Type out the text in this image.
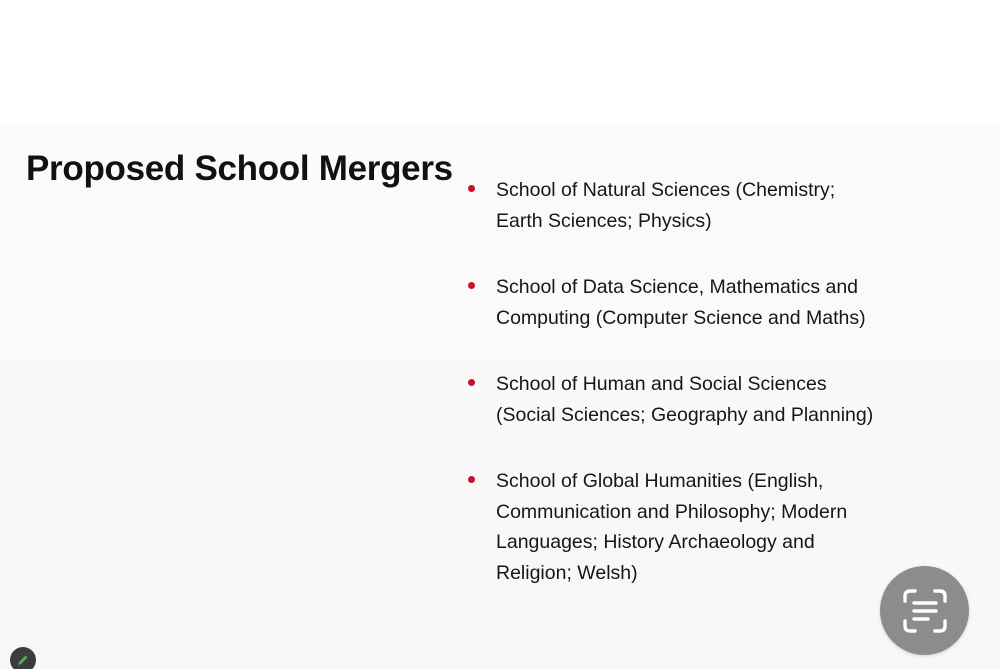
Proposed School Mergers
School of Natural Sciences (Chemistry; Earth Sciences; Physics)
School of Data Science, Mathematics and Computing (Computer Science and Maths)
School of Human and Social Sciences (Social Sciences; Geography and Planning)
School of Global Humanities (English, Communication and Philosophy; Modern Languages; History Archaeology and Religion; Welsh)
